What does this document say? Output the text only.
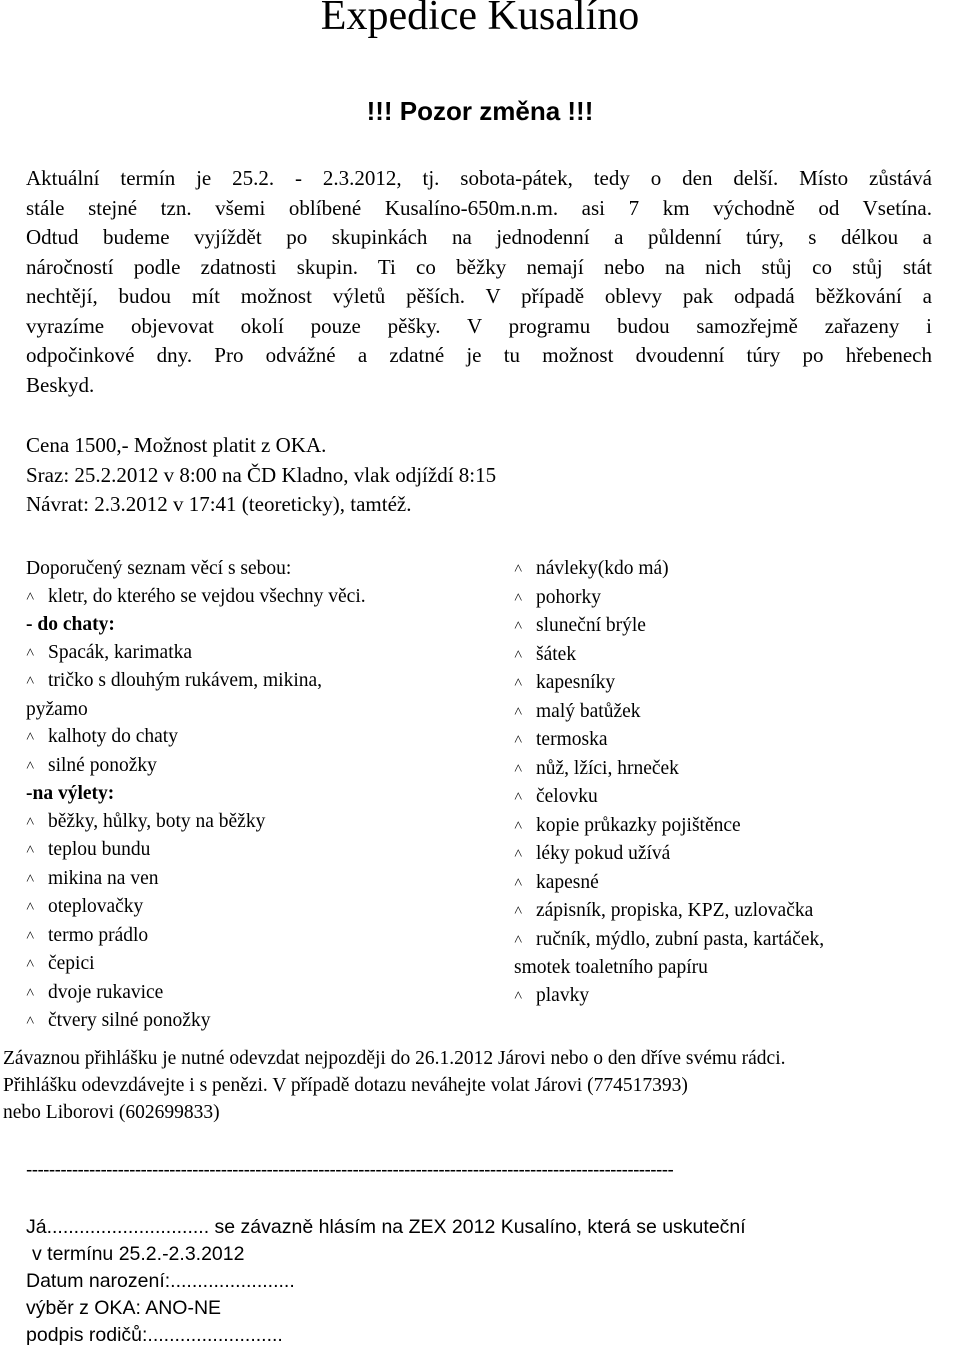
Expedice Kusalíno
!!! Pozor změna !!!
Aktuální termín je 25.2. - 2.3.2012, tj. sobota-pátek, tedy o den delší. Místo zůstává
stále stejné tzn. všemi oblíbené Kusalíno-650m.n.m. asi 7 km východně od Vsetína.
Odtud budeme vyjíždět po skupinkách na jednodenní a půldenní túry, s délkou a
náročností podle zdatnosti skupin. Ti co běžky nemají nebo na nich stůj co stůj stát
nechtějí, budou mít možnost výletů pěších. V případě oblevy pak odpadá běžkování a
vyrazíme objevovat okolí pouze pěšky. V programu budou samozřejmě zařazeny i
odpočinkové dny. Pro odvážné a zdatné je tu možnost dvoudenní túry po hřebenech
Beskyd.
Cena 1500,- Možnost platit z OKA.
Sraz: 25.2.2012 v 8:00 na ČD Kladno, vlak odjíždí 8:15
Návrat: 2.3.2012 v 17:41 (teoreticky), tamtéž.
Doporučený seznam věcí s sebou:
˄ kletr, do kterého se vejdou všechny věci.
- do chaty:
˄ Spacák, karimatka
˄ tričko s dlouhým rukávem, mikina,
pyžamo
˄ kalhoty do chaty
˄ silné ponožky
-na výlety:
˄ běžky, hůlky, boty na běžky
˄ teplou bundu
˄ mikina na ven
˄ oteplovačky
˄ termo prádlo
˄ čepici
˄ dvoje rukavice
˄ čtvery silné ponožky
˄ návleky(kdo má)
˄ pohorky
˄ sluneční brýle
˄ šátek
˄ kapesníky
˄ malý batůžek
˄ termoska
˄ nůž, lžíci, hrneček
˄ čelovku
˄ kopie průkazky pojištěnce
˄ léky pokud užívá
˄ kapesné
˄ zápisník, propiska, KPZ, uzlovačka
˄ ručník, mýdlo, zubní pasta, kartáček,
smotek toaletního papíru
˄ plavky
Závaznou přihlášku je nutné odevzdat nejpozději do 26.1.2012 Járovi nebo o den dříve svému rádci.
Přihlášku odevzdávejte i s penězi. V případě dotazu neváhejte volat Járovi (774517393)
nebo Liborovi (602699833)
-----------------------------------------------------------------------------------------------------------------
Já.............................. se závazně hlásím na ZEX 2012 Kusalíno, která se uskuteční
v termínu 25.2.-2.3.2012
Datum narození:.......................
výběr z OKA: ANO-NE
podpis rodičů:.........................
